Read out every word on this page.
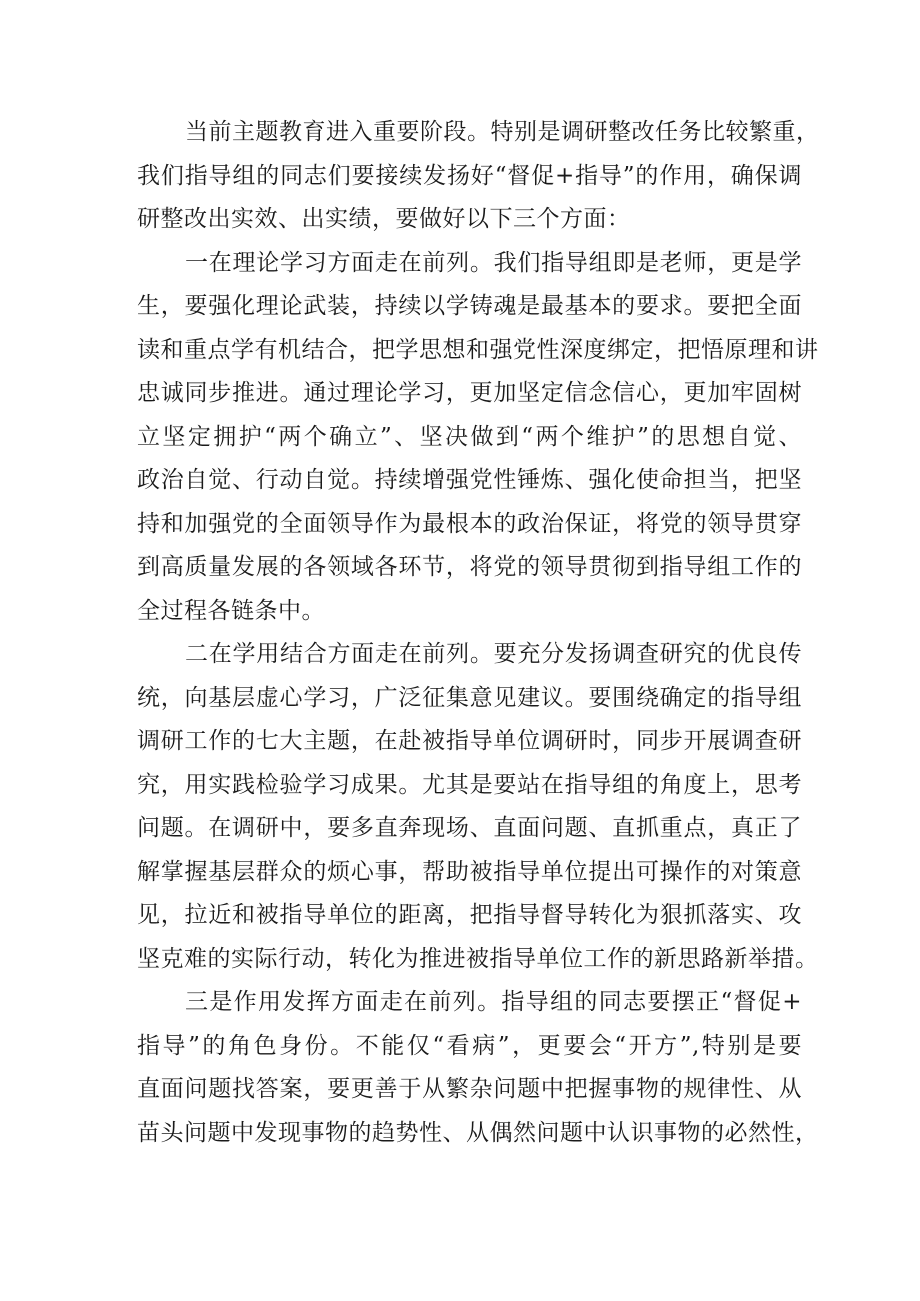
当前主题教育进入重要阶段。特别是调研整改任务比较繁重，
我们指导组的同志们要接续发扬好“督促+指导”的作用，确保调
研整改出实效、出实绩，要做好以下三个方面：
一在理论学习方面走在前列。我们指导组即是老师，更是学
生，要强化理论武装，持续以学铸魂是最基本的要求。要把全面
读和重点学有机结合，把学思想和强党性深度绑定，把悟原理和讲
忠诚同步推进。通过理论学习，更加坚定信念信心，更加牢固树
立坚定拥护“两个确立”、坚决做到“两个维护”的思想自觉、
政治自觉、行动自觉。持续增强党性锤炼、强化使命担当，把坚
持和加强党的全面领导作为最根本的政治保证，将党的领导贯穿
到高质量发展的各领域各环节，将党的领导贯彻到指导组工作的
全过程各链条中。
二在学用结合方面走在前列。要充分发扬调查研究的优良传
统，向基层虚心学习，广泛征集意见建议。要围绕确定的指导组
调研工作的七大主题，在赴被指导单位调研时，同步开展调查研
究，用实践检验学习成果。尤其是要站在指导组的角度上，思考
问题。在调研中，要多直奔现场、直面问题、直抓重点，真正了
解掌握基层群众的烦心事，帮助被指导单位提出可操作的对策意
见，拉近和被指导单位的距离，把指导督导转化为狠抓落实、攻
坚克难的实际行动，转化为推进被指导单位工作的新思路新举措。
三是作用发挥方面走在前列。指导组的同志要摆正“督促+
指导”的角色身份。不能仅“看病”，更要会“开方”,特别是要
直面问题找答案，要更善于从繁杂问题中把握事物的规律性、从
苗头问题中发现事物的趋势性、从偶然问题中认识事物的必然性，
